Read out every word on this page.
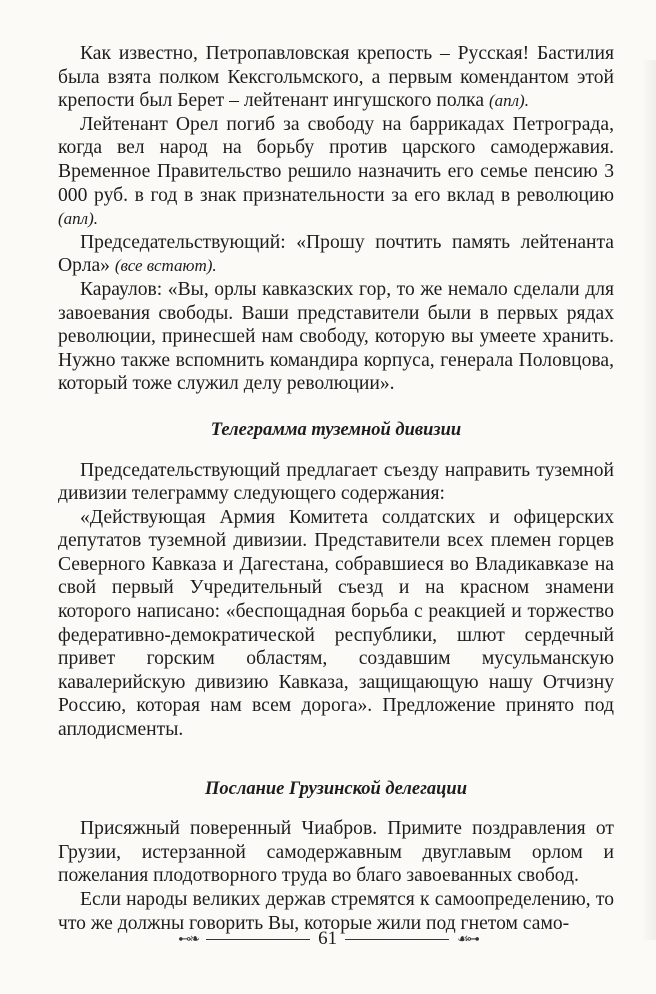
Как известно, Петропавловская крепость – Русская! Бастилия была взята полком Кексгольмского, а первым комендантом этой крепости был Берет – лейтенант ингушского полка (апл).

Лейтенант Орел погиб за свободу на баррикадах Петрограда, когда вел народ на борьбу против царского самодержавия. Временное Правительство решило назначить его семье пенсию 3 000 руб. в год в знак признательности за его вклад в революцию (апл).

Председательствующий: «Прошу почтить память лейтенанта Орла» (все встают).

Караулов: «Вы, орлы кавказских гор, то же немало сделали для завоевания свободы. Ваши представители были в первых рядах революции, принесшей нам свободу, которую вы умеете хранить. Нужно также вспомнить командира корпуса, генерала Половцова, который тоже служил делу революции».

Телеграмма туземной дивизии

Председательствующий предлагает съезду направить туземной дивизии телеграмму следующего содержания:

«Действующая Армия Комитета солдатских и офицерских депутатов туземной дивизии. Представители всех племен горцев Северного Кавказа и Дагестана, собравшиеся во Владикавказе на свой первый Учредительный съезд и на красном знамени которого написано: «беспощадная борьба с реакцией и торжество федеративно-демократической республики, шлют сердечный привет горским областям, создавшим мусульманскую кавалерийскую дивизию Кавказа, защищающую нашу Отчизну Россию, которая нам всем дорога». Предложение принято под аплодисменты.

Послание Грузинской делегации

Присяжный поверенный Чиабров. Примите поздравления от Грузии, истерзанной самодержавным двуглавым орлом и пожелания плодотворного труда во благо завоеванных свобод.

Если народы великих держав стремятся к самоопределению, то что же должны говорить Вы, которые жили под гнетом само-

⊷❧	61	☙⊶
